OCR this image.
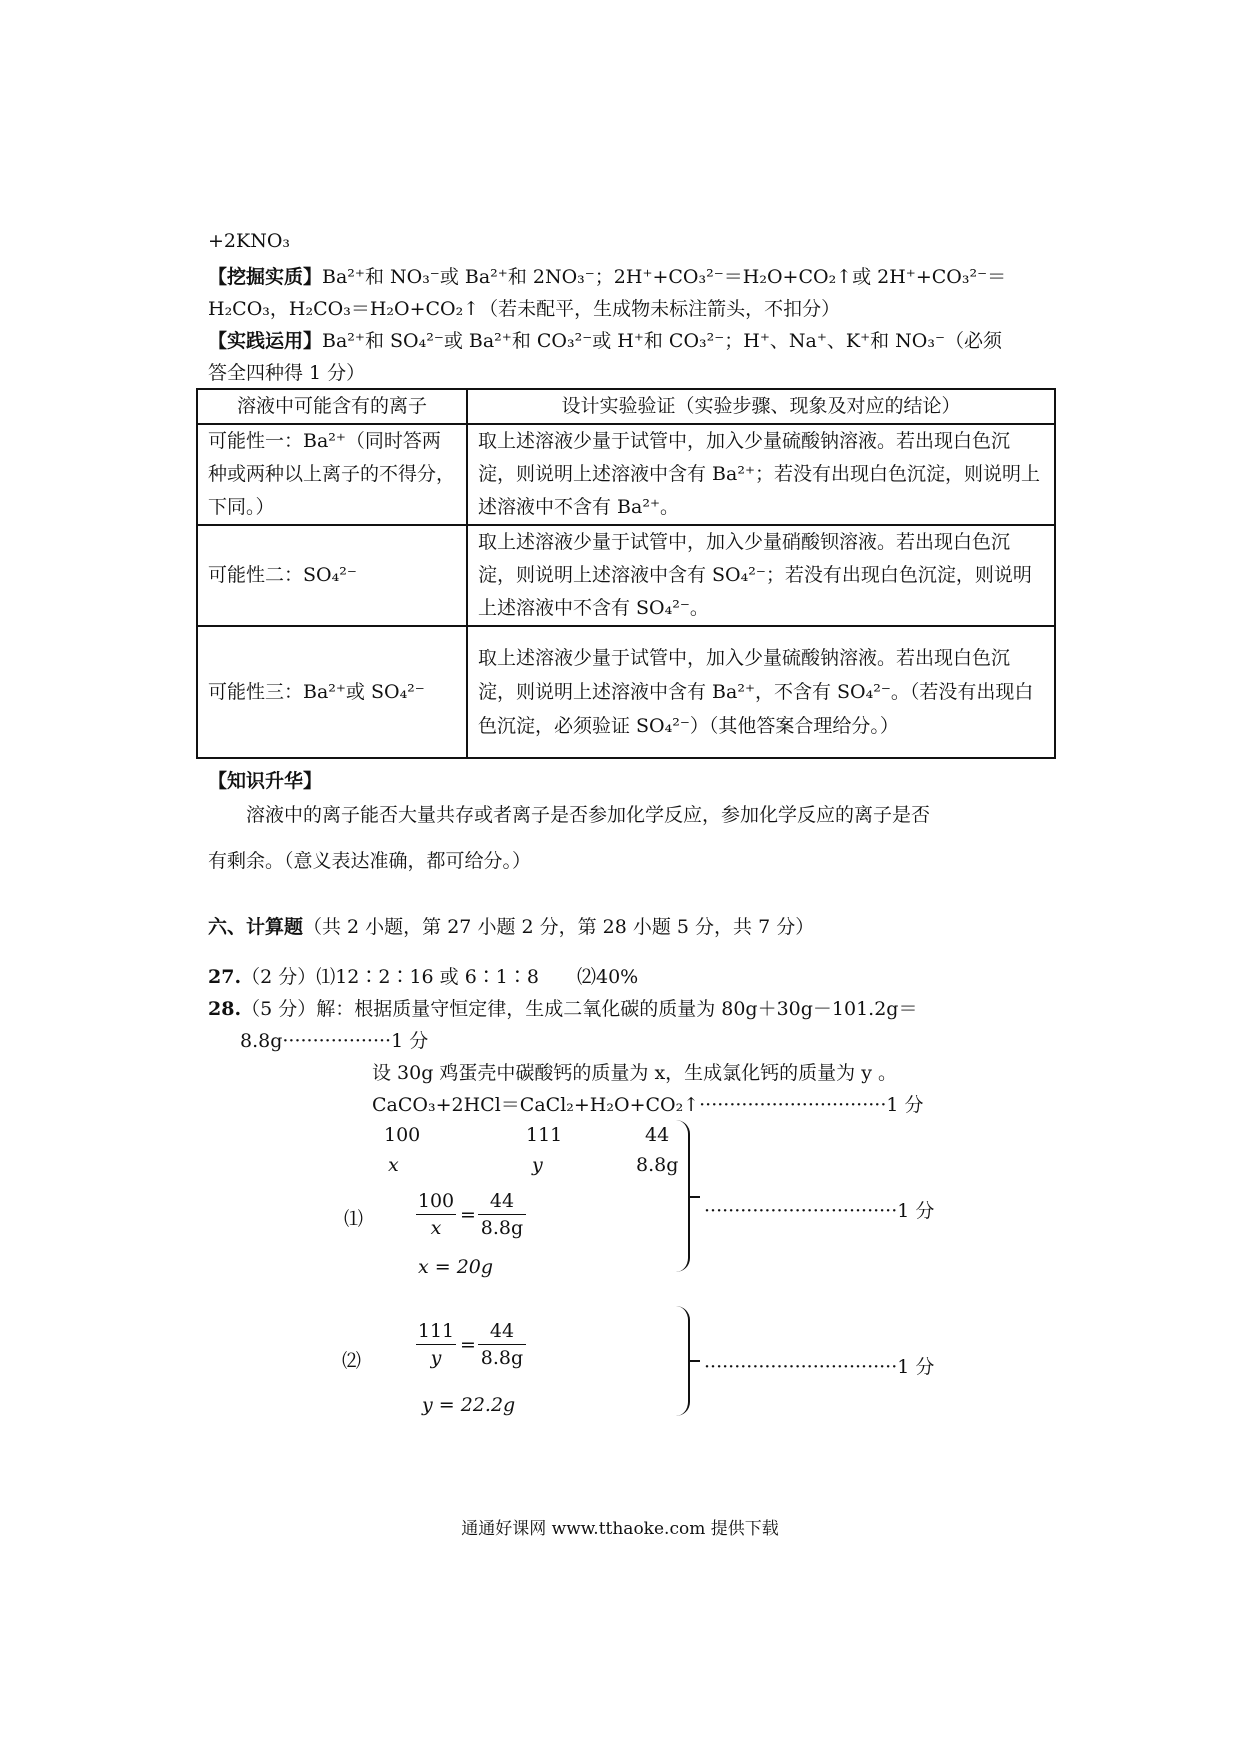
+2KNO₃
【挖掘实质】Ba²⁺和 NO₃⁻或 Ba²⁺和 2NO₃⁻；2H⁺+CO₃²⁻＝H₂O+CO₂↑或 2H⁺+CO₃²⁻＝
H₂CO₃，H₂CO₃＝H₂O+CO₂↑（若未配平，生成物未标注箭头，不扣分）
【实践运用】Ba²⁺和 SO₄²⁻或 Ba²⁺和 CO₃²⁻或 H⁺和 CO₃²⁻；H⁺、Na⁺、K⁺和 NO₃⁻（必须
答全四种得 1 分）
溶液中可能含有的离子	设计实验验证（实验步骤、现象及对应的结论）
可能性一：Ba²⁺（同时答两种或两种以上离子的不得分，下同。）	取上述溶液少量于试管中，加入少量硫酸钠溶液。若出现白色沉淀，则说明上述溶液中含有 Ba²⁺；若没有出现白色沉淀，则说明上述溶液中不含有 Ba²⁺。
可能性二：SO₄²⁻	取上述溶液少量于试管中，加入少量硝酸钡溶液。若出现白色沉淀，则说明上述溶液中含有 SO₄²⁻；若没有出现白色沉淀，则说明上述溶液中不含有 SO₄²⁻。
可能性三：Ba²⁺或 SO₄²⁻	取上述溶液少量于试管中，加入少量硫酸钠溶液。若出现白色沉淀，则说明上述溶液中含有 Ba²⁺，不含有 SO₄²⁻。（若没有出现白色沉淀，必须验证 SO₄²⁻）（其他答案合理给分。）
【知识升华】
溶液中的离子能否大量共存或者离子是否参加化学反应，参加化学反应的离子是否
有剩余。（意义表达准确，都可给分。）
六、计算题（共 2 小题，第 27 小题 2 分，第 28 小题 5 分，共 7 分）
27.（2 分）⑴12∶2∶16 或 6∶1∶8　　⑵40%
28.（5 分）解：根据质量守恒定律，生成二氧化碳的质量为 80g＋30g－101.2g＝
8.8g··················1 分
设 30g 鸡蛋壳中碳酸钙的质量为 x，生成氯化钙的质量为 y 。
CaCO₃+2HCl＝CaCl₂+H₂O+CO₂↑·······························1 分
100	111	44
x	y	8.8g
⑴	$\frac{100}{x} = \frac{44}{8.8g}$
x = 20g
································1 分
⑵	$\frac{111}{y} = \frac{44}{8.8g}$
y = 22.2g
································1 分
通通好课网 www.tthaoke.com 提供下载
